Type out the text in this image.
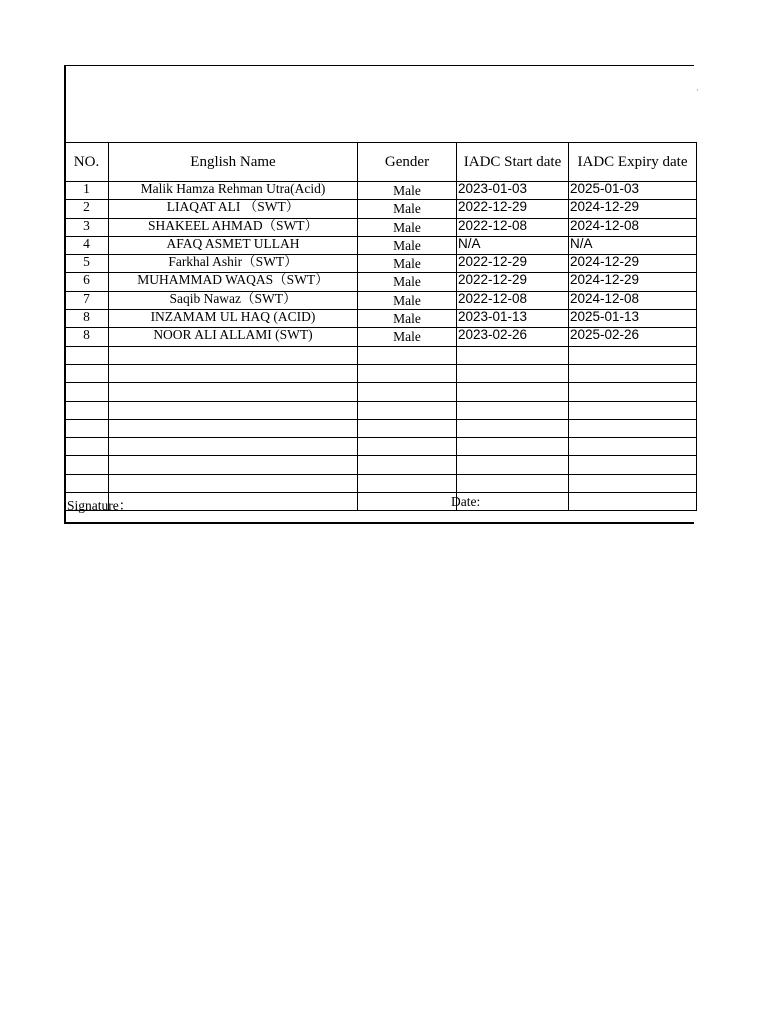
NO.	English Name	Gender	IADC Start date	IADC Expiry date
1	Malik Hamza Rehman Utra(Acid)	Male	2023-01-03	2025-01-03
2	LIAQAT ALI （SWT）	Male	2022-12-29	2024-12-29
3	SHAKEEL AHMAD（SWT）	Male	2022-12-08	2024-12-08
4	AFAQ ASMET ULLAH	Male	N/A	N/A
5	Farkhal Ashir（SWT）	Male	2022-12-29	2024-12-29
6	MUHAMMAD WAQAS（SWT）	Male	2022-12-29	2024-12-29
7	Saqib Nawaz（SWT）	Male	2022-12-08	2024-12-08
8	INZAMAM UL HAQ (ACID)	Male	2023-01-13	2025-01-13
8	NOOR ALI ALLAMI (SWT)	Male	2023-02-26	2025-02-26

Signature：	Date:
